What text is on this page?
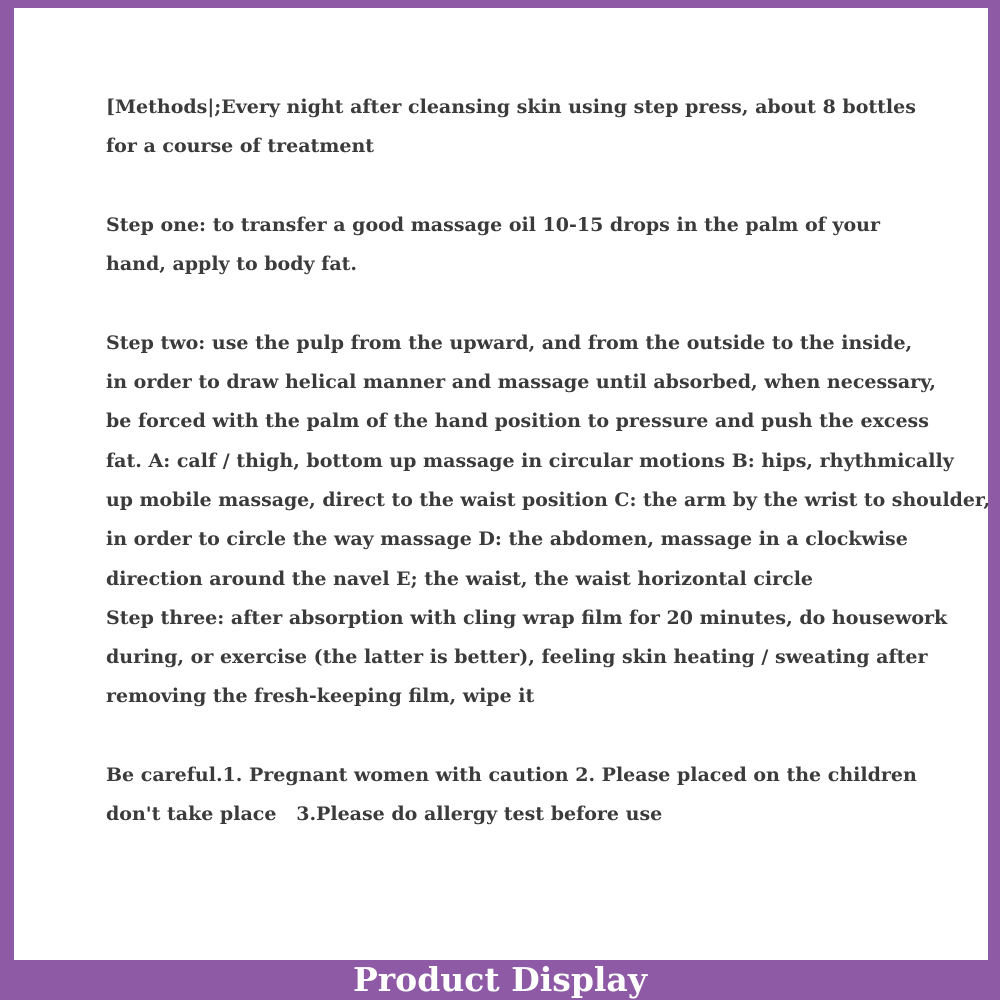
[Methods|;Every night after cleansing skin using step press, about 8 bottles
for a course of treatment
Step one: to transfer a good massage oil 10-15 drops in the palm of your
hand, apply to body fat.
Step two: use the pulp from the upward, and from the outside to the inside,
in order to draw helical manner and massage until absorbed, when necessary,
be forced with the palm of the hand position to pressure and push the excess
fat. A: calf / thigh, bottom up massage in circular motions B: hips, rhythmically
up mobile massage, direct to the waist position C: the arm by the wrist to shoulder,
in order to circle the way massage D: the abdomen, massage in a clockwise
direction around the navel E; the waist, the waist horizontal circle
Step three: after absorption with cling wrap film for 20 minutes, do housework
during, or exercise (the latter is better), feeling skin heating / sweating after
removing the fresh-keeping film, wipe it
Be careful.1. Pregnant women with caution 2. Please placed on the children
don't take place   3.Please do allergy test before use
Product Display
